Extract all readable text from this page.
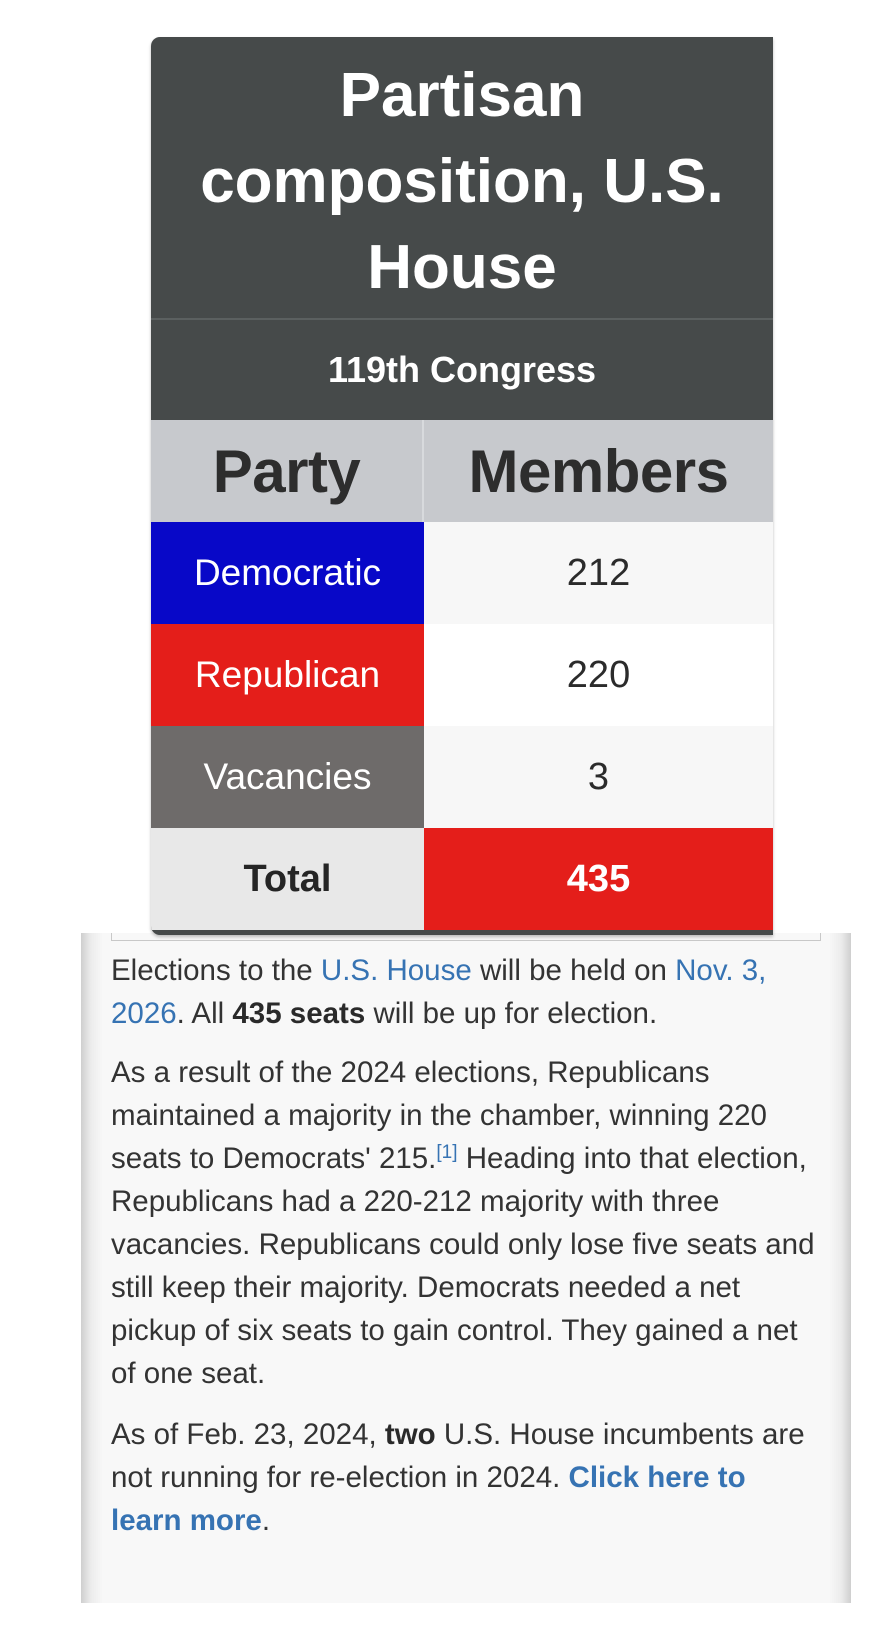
Partisan composition, U.S. House
119th Congress
Party	Members
Democratic	212
Republican	220
Vacancies	3
Total	435

Elections to the U.S. House will be held on Nov. 3, 2026. All 435 seats will be up for election.

As a result of the 2024 elections, Republicans maintained a majority in the chamber, winning 220 seats to Democrats' 215.[1] Heading into that election, Republicans had a 220-212 majority with three vacancies. Republicans could only lose five seats and still keep their majority. Democrats needed a net pickup of six seats to gain control. They gained a net of one seat.

As of Feb. 23, 2024, two U.S. House incumbents are not running for re-election in 2024. Click here to learn more.
